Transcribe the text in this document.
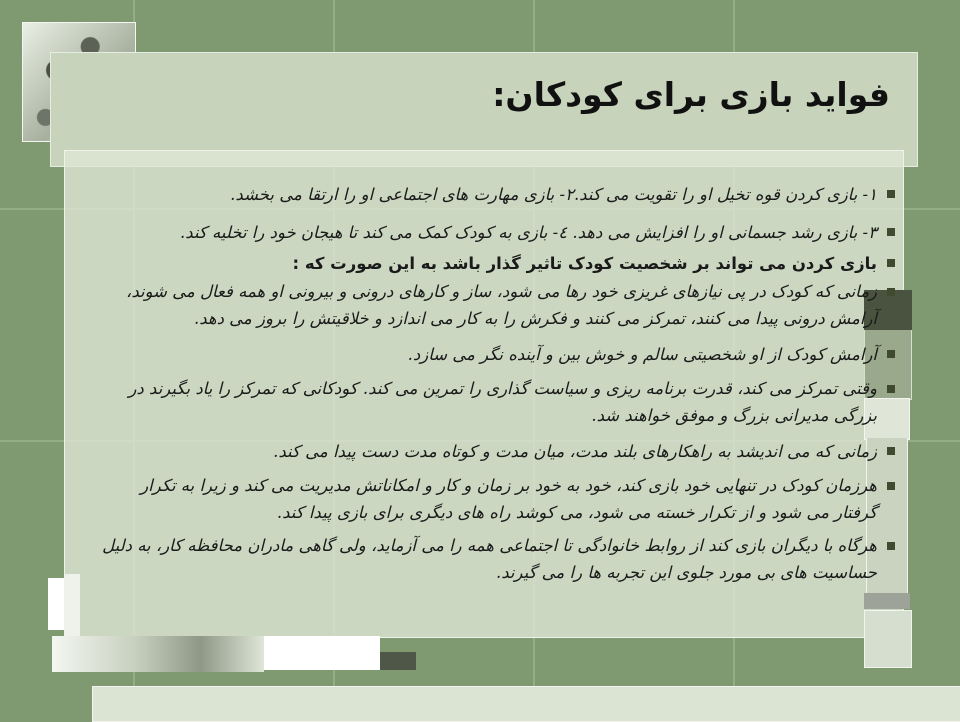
فواید بازی برای کودکان:
۱- بازی کردن قوه تخیل او را تقویت می کند.۲- بازی مهارت های اجتماعی او را ارتقا می بخشد.
۳- بازی رشد جسمانی او را افزایش می دهد. ٤- بازی به کودک کمک می کند تا هیجان خود را تخلیه کند.
بازی کردن می تواند بر شخصیت کودک تاثیر گذار باشد به این صورت که :
زمانی که کودک در پی نیازهای غریزی خود رها می شود، ساز و کارهای درونی و بیرونی او همه فعال می شوند، آرامش درونی پیدا می کنند، تمرکز می کنند و فکرش را به کار می اندازد و خلاقیتش را بروز می دهد.
آرامش کودک از او شخصیتی سالم و خوش بین و آینده نگر می سازد.
وقتی تمرکز می کند، قدرت برنامه ریزی و سیاست گذاری را تمرین می کند. کودکانی که تمرکز را یاد بگیرند در بزرگی مدیرانی بزرگ و موفق خواهند شد.
زمانی که می اندیشد به راهکارهای بلند مدت، میان مدت و کوتاه مدت دست پیدا می کند.
هرزمان کودک در تنهایی خود بازی کند، خود به خود بر زمان و کار و امکاناتش مدیریت می کند و زیرا به تکرار گرفتار می شود و از تکرار خسته می شود، می کوشد راه های دیگری برای بازی پیدا کند.
هرگاه با دیگران بازی کند از روابط خانوادگی تا اجتماعی همه را می آزماید، ولی گاهی مادران محافظه کار، به دلیل حساسیت های بی مورد جلوی این تجربه ها را می گیرند.
